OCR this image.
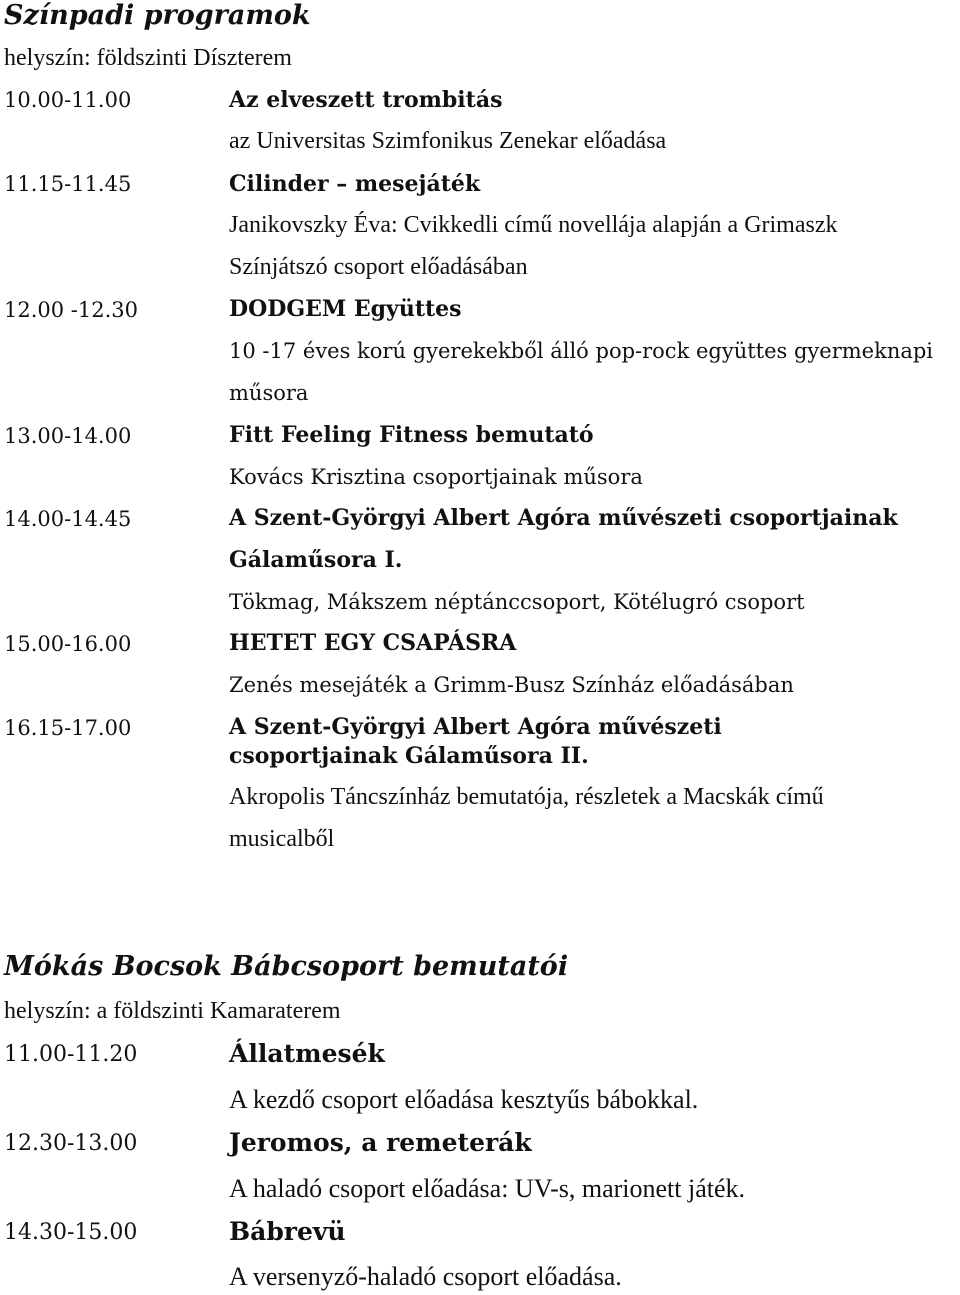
Színpadi programok
helyszín: földszinti Díszterem
10.00-11.00	Az elveszett trombitás
az Universitas Szimfonikus Zenekar előadása
11.15-11.45	Cilinder – mesejáték
Janikovszky Éva: Cvikkedli című novellája alapján a Grimaszk
Színjátszó csoport előadásában
12.00 -12.30	DODGEM Együttes
10 -17 éves korú gyerekekből álló pop-rock együttes gyermeknapi
műsora
13.00-14.00	Fitt Feeling Fitness bemutató
Kovács Krisztina csoportjainak műsora
14.00-14.45	A Szent-Györgyi Albert Agóra művészeti csoportjainak
Gálaműsora I.
Tökmag, Mákszem néptánccsoport, Kötélugró csoport
15.00-16.00	HETET EGY CSAPÁSRA
Zenés mesejáték a Grimm-Busz Színház előadásában
16.15-17.00	A Szent-Györgyi Albert Agóra művészeti
csoportjainak Gálaműsora II.
Akropolis Táncszínház bemutatója, részletek a Macskák című
musicalből
Mókás Bocsok Bábcsoport bemutatói
helyszín: a földszinti Kamaraterem
11.00-11.20	Állatmesék
A kezdő csoport előadása kesztyűs bábokkal.
12.30-13.00	Jeromos, a remeterák
A haladó csoport előadása: UV-s, marionett játék.
14.30-15.00	Bábrevü
A versenyző-haladó csoport előadása.
